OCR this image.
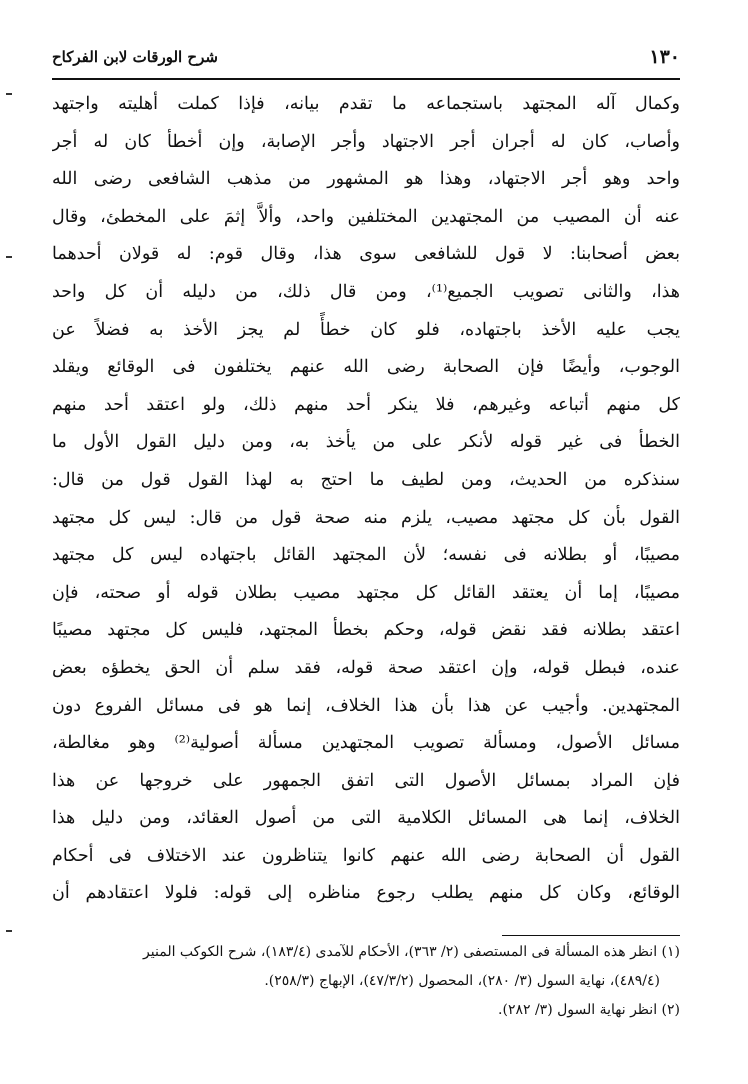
١٣٠
شرح الورقات لابن الفركاح
وكمال آله المجتهد باستجماعه ما تقدم بيانه، فإذا كملت أهليته واجتهد
وأصاب، كان له أجران أجر الاجتهاد وأجر الإصابة، وإن أخطأ كان له أجر
واحد وهو أجر الاجتهاد، وهذا هو المشهور من مذهب الشافعى رضى الله
عنه أن المصيب من المجتهدين المختلفين واحد، وألاَّ إثمَ على المخطئ، وقال
بعض أصحابنا: لا قول للشافعى سوى هذا، وقال قوم: له قولان أحدهما
هذا، والثانى تصويب الجميع⁽¹⁾، ومن قال ذلك، من دليله أن كل واحد
يجب عليه الأخذ باجتهاده، فلو كان خطأً لم يجز الأخذ به فضلاً عن
الوجوب، وأيضًا فإن الصحابة رضى الله عنهم يختلفون فى الوقائع ويقلد
كل منهم أتباعه وغيرهم، فلا ينكر أحد منهم ذلك، ولو اعتقد أحد منهم
الخطأ فى غير قوله لأنكر على من يأخذ به، ومن دليل القول الأول ما
سنذكره من الحديث، ومن لطيف ما احتج به لهذا القول قول من قال:
القول بأن كل مجتهد مصيب، يلزم منه صحة قول من قال: ليس كل مجتهد
مصيبًا، أو بطلانه فى نفسه؛ لأن المجتهد القائل باجتهاده ليس كل مجتهد
مصيبًا، إما أن يعتقد القائل كل مجتهد مصيب بطلان قوله أو صحته، فإن
اعتقد بطلانه فقد نقض قوله، وحكم بخطأ المجتهد، فليس كل مجتهد مصيبًا
عنده، فبطل قوله، وإن اعتقد صحة قوله، فقد سلم أن الحق يخطؤه بعض
المجتهدين. وأجيب عن هذا بأن هذا الخلاف، إنما هو فى مسائل الفروع دون
مسائل الأصول، ومسألة تصويب المجتهدين مسألة أصولية⁽²⁾ وهو مغالطة،
فإن المراد بمسائل الأصول التى اتفق الجمهور على خروجها عن هذا
الخلاف، إنما هى المسائل الكلامية التى من أصول العقائد، ومن دليل هذا
القول أن الصحابة رضى الله عنهم كانوا يتناظرون عند الاختلاف فى أحكام
الوقائع، وكان كل منهم يطلب رجوع مناظره إلى قوله: فلولا اعتقادهم أن
(١) انظر هذه المسألة فى المستصفى (٢/ ٣٦٣)، الأحكام للآمدى (١٨٣/٤)، شرح الكوكب المنير
(٤٨٩/٤)، نهاية السول (٣/ ٢٨٠)، المحصول (٤٧/٣/٢)، الإبهاج (٢٥٨/٣).
(٢) انظر نهاية السول (٣/ ٢٨٢).
